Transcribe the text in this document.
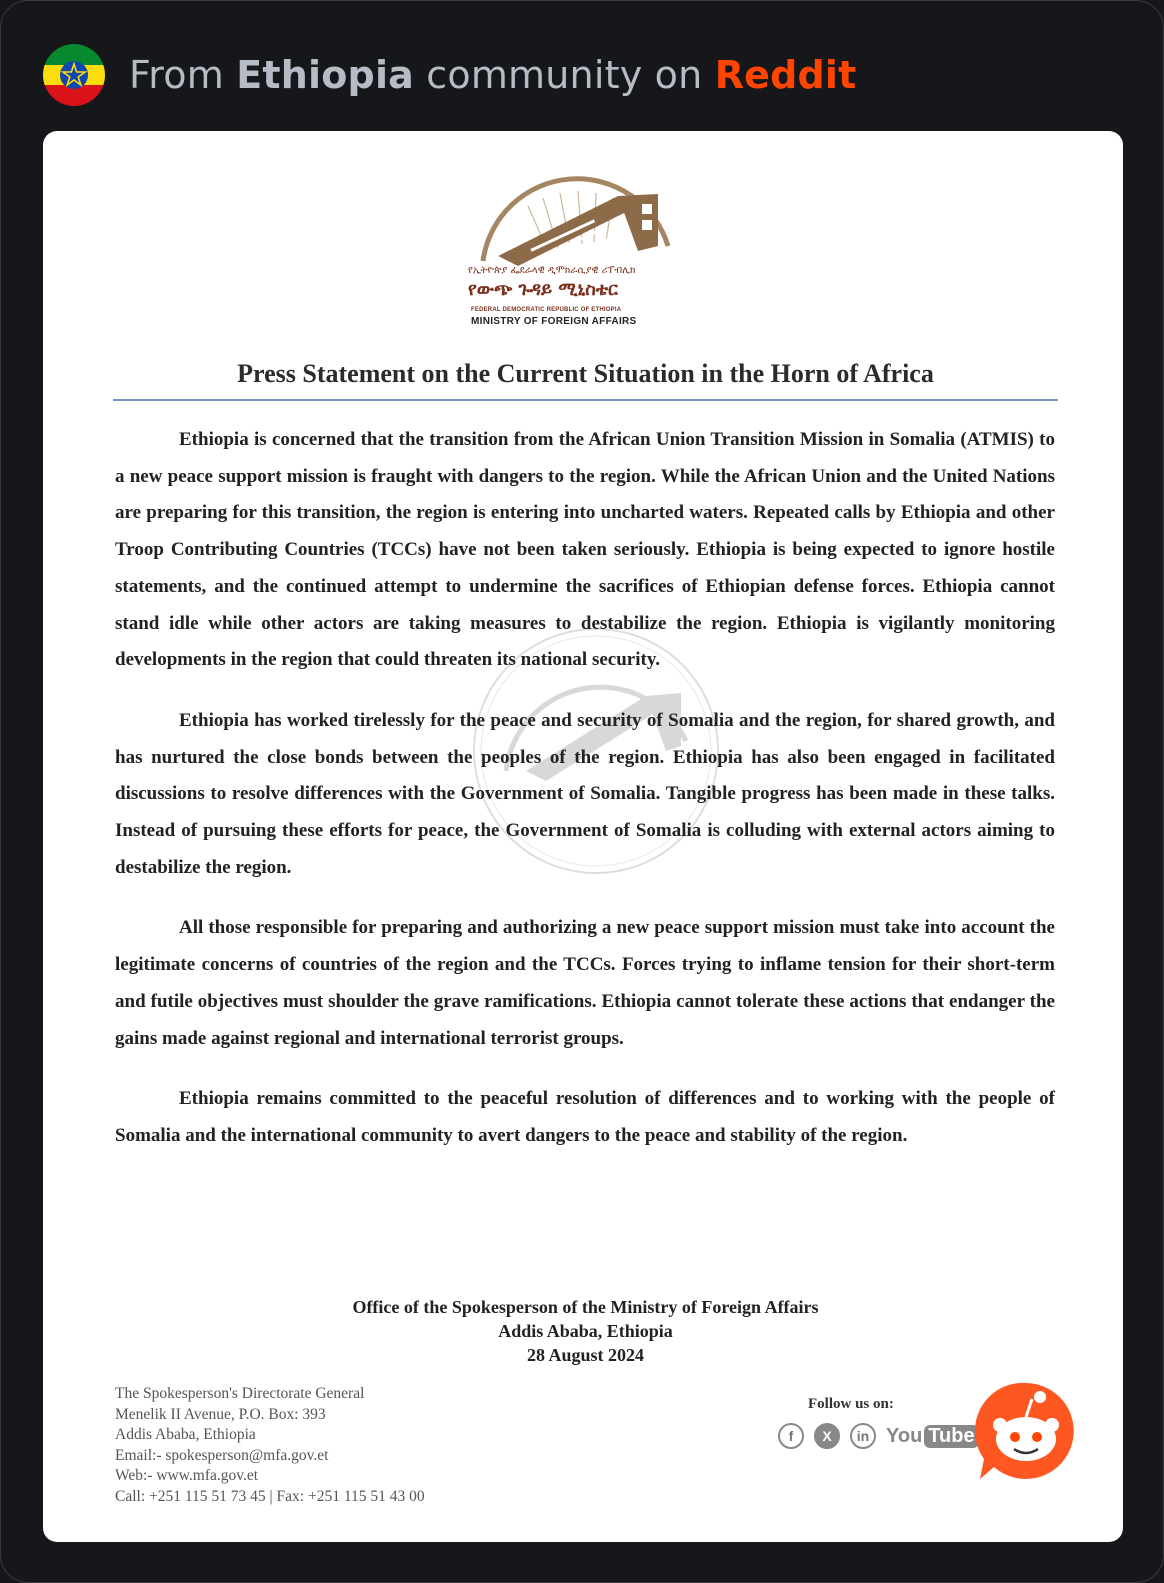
From Ethiopia community on Reddit
የኢትዮጵያ ፌደራላዊ ዲሞክራሲያዊ ሪፐብሊክ
የውጭ ጉዳይ ሚኒስቴር
FEDERAL DEMOCRATIC REPUBLIC OF ETHIOPIA
MINISTRY OF FOREIGN AFFAIRS
Press Statement on the Current Situation in the Horn of Africa

Ethiopia is concerned that the transition from the African Union Transition Mission in Somalia (ATMIS) to a new peace support mission is fraught with dangers to the region. While the African Union and the United Nations are preparing for this transition, the region is entering into uncharted waters. Repeated calls by Ethiopia and other Troop Contributing Countries (TCCs) have not been taken seriously. Ethiopia is being expected to ignore hostile statements, and the continued attempt to undermine the sacrifices of Ethiopian defense forces. Ethiopia cannot stand idle while other actors are taking measures to destabilize the region. Ethiopia is vigilantly monitoring developments in the region that could threaten its national security.

Ethiopia has worked tirelessly for the peace and security of Somalia and the region, for shared growth, and has nurtured the close bonds between the peoples of the region. Ethiopia has also been engaged in facilitated discussions to resolve differences with the Government of Somalia. Tangible progress has been made in these talks. Instead of pursuing these efforts for peace, the Government of Somalia is colluding with external actors aiming to destabilize the region.

All those responsible for preparing and authorizing a new peace support mission must take into account the legitimate concerns of countries of the region and the TCCs. Forces trying to inflame tension for their short-term and futile objectives must shoulder the grave ramifications. Ethiopia cannot tolerate these actions that endanger the gains made against regional and international terrorist groups.

Ethiopia remains committed to the peaceful resolution of differences and to working with the people of Somalia and the international community to avert dangers to the peace and stability of the region.

Office of the Spokesperson of the Ministry of Foreign Affairs
Addis Ababa, Ethiopia
28 August 2024
The Spokesperson's Directorate General
Menelik II Avenue, P.O. Box: 393
Addis Ababa, Ethiopia
Email:- spokesperson@mfa.gov.et
Web:- www.mfa.gov.et
Call: +251 115 51 73 45 | Fax: +251 115 51 43 00
Follow us on:
f	X	in You Tube
